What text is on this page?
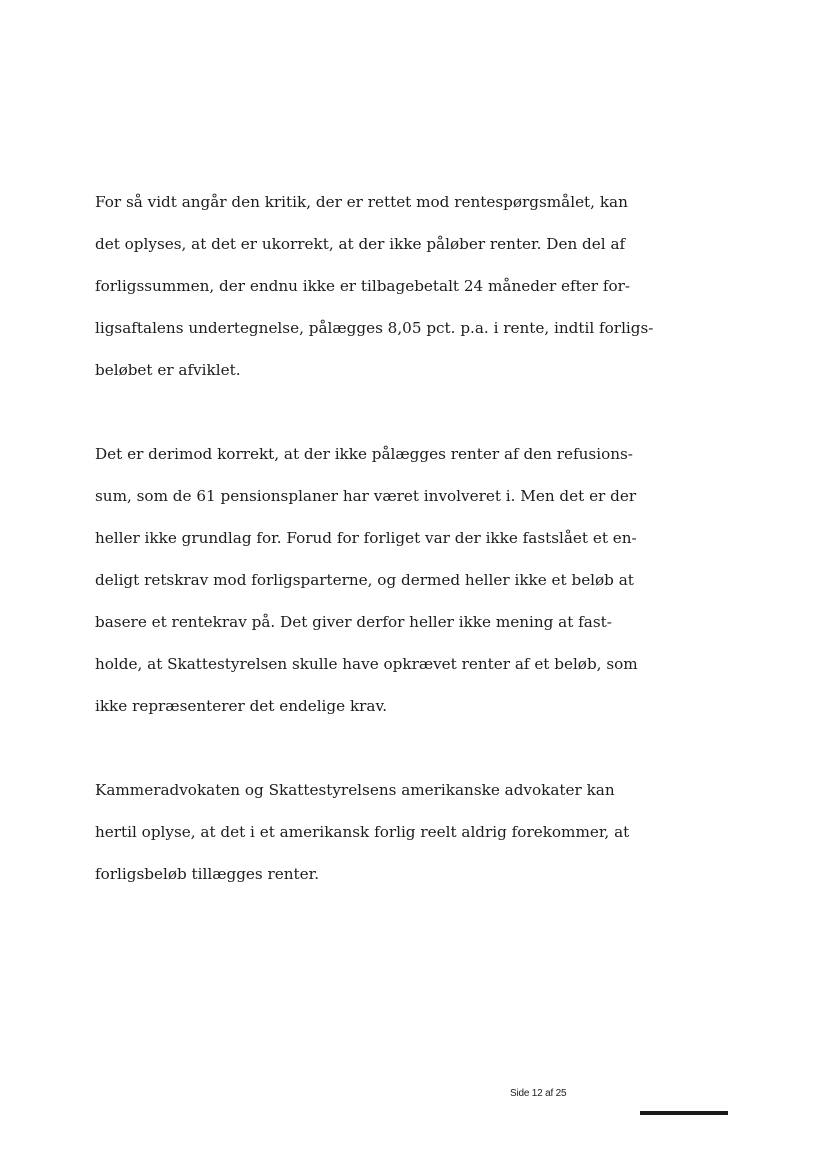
For så vidt angår den kritik, der er rettet mod rentespørgsmålet, kan
det oplyses, at det er ukorrekt, at der ikke påløber renter. Den del af
forligssummen, der endnu ikke er tilbagebetalt 24 måneder efter for-
ligsaftalens undertegnelse, pålægges 8,05 pct. p.a. i rente, indtil forligs-
beløbet er afviklet.

Det er derimod korrekt, at der ikke pålægges renter af den refusions-
sum, som de 61 pensionsplaner har været involveret i. Men det er der
heller ikke grundlag for. Forud for forliget var der ikke fastslået et en-
deligt retskrav mod forligsparterne, og dermed heller ikke et beløb at
basere et rentekrav på. Det giver derfor heller ikke mening at fast-
holde, at Skattestyrelsen skulle have opkrævet renter af et beløb, som
ikke repræsenterer det endelige krav.

Kammeradvokaten og Skattestyrelsens amerikanske advokater kan
hertil oplyse, at det i et amerikansk forlig reelt aldrig forekommer, at
forligsbeløb tillægges renter.

Side 12 af 25
